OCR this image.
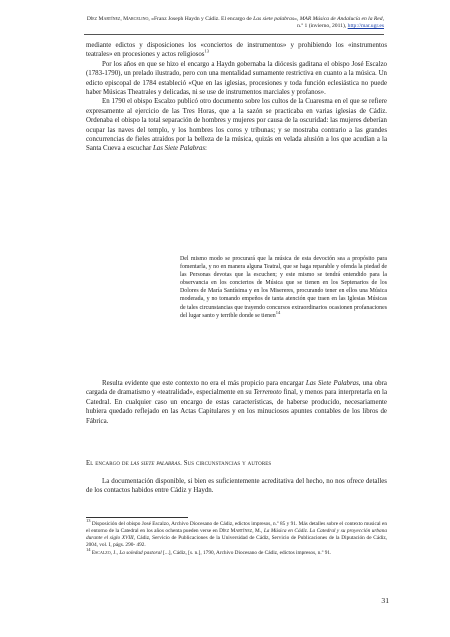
Díez Martínez, Marcelino, «Franz Joseph Haydn y Cádiz. El encargo de Las siete palabras», MAR Música de Andalucía en la Red, n.º 1 (invierno, 2011), http://mar.ugr.es

mediante edictos y disposiciones los «conciertos de instrumentos» y prohibiendo los «instrumentos teatrales» en procesiones y actos religiosos$^{13}$

Por los años en que se hizo el encargo a Haydn gobernaba la diócesis gaditana el obispo José Escalzo (1783-1790), un prelado ilustrado, pero con una mentalidad sumamente restrictiva en cuanto a la música. Un edicto episcopal de 1784 estableció «Que en las iglesias, procesiones y toda función eclesiástica no puede haber Músicas Theatrales y delicadas, ni se use de instrumentos marciales y profanos».

En 1790 el obispo Escalzo publicó otro documento sobre los cultos de la Cuaresma en el que se refiere expresamente al ejercicio de las Tres Horas, que a la sazón se practicaba en varias iglesias de Cádiz. Ordenaba el obispo la total separación de hombres y mujeres por causa de la oscuridad: las mujeres deberían ocupar las naves del templo, y los hombres los coros y tribunas; y se mostraba contrario a las grandes concurrencias de fieles atraídos por la belleza de la música, quizás en velada alusión a los que acudían a la Santa Cueva a escuchar Las Siete Palabras:

Del mismo modo se procurará que la música de esta devoción sea a propósito para fomentarla, y no en manera alguna Teatral, que se haga reparable y ofenda la piedad de las Personas devotas que la escuchen; y este mismo se tendrá entendido para la observancia en los conciertos de Música que se tienen en los Septenarios de los Dolores de María Santísima y en los Misereres, procurando tener en ellos una Música moderada, y no tomando empeños de tanta atención que traen en las Iglesias Músicas de tales circunstancias que trayendo concursos extraordinarios ocasionen profanaciones del lugar santo y terrible donde se tienen$^{14}$

Resulta evidente que este contexto no era el más propicio para encargar Las Siete Palabras, una obra cargada de dramatismo y «teatralidad», especialmente en su Terremoto final, y menos para interpretarla en la Catedral. En cualquier caso un encargo de estas características, de haberse producido, necesariamente hubiera quedado reflejado en las Actas Capitulares y en los minuciosos apuntes contables de los libros de Fábrica.

El encargo de las siete palabras. Sus circunstancias y autores

La documentación disponible, si bien es suficientemente acreditativa del hecho, no nos ofrece detalles de los contactos habidos entre Cádiz y Haydn.

$^{13}$ Disposición del obispo José Escalzo, Archivo Diocesano de Cádiz, edictos impresos, n.º 85 y 91. Más detalles sobre el contexto musical en el entorno de la Catedral en los años ochenta pueden verse en Díez Martínez, M., La Música en Cádiz. La Catedral y su proyección urbana durante el siglo XVIII, Cádiz, Servicio de Publicaciones de la Universidad de Cádiz, Servicio de Publicaciones de la Diputación de Cádiz, 2004, vol. I, págs. 290- 492.

$^{14}$ Escalzo, J., La soledad pastoral [...], Cádiz, [s. n.], 1790, Archivo Diocesano de Cádiz, edictos impresos, n.º 91.

31
